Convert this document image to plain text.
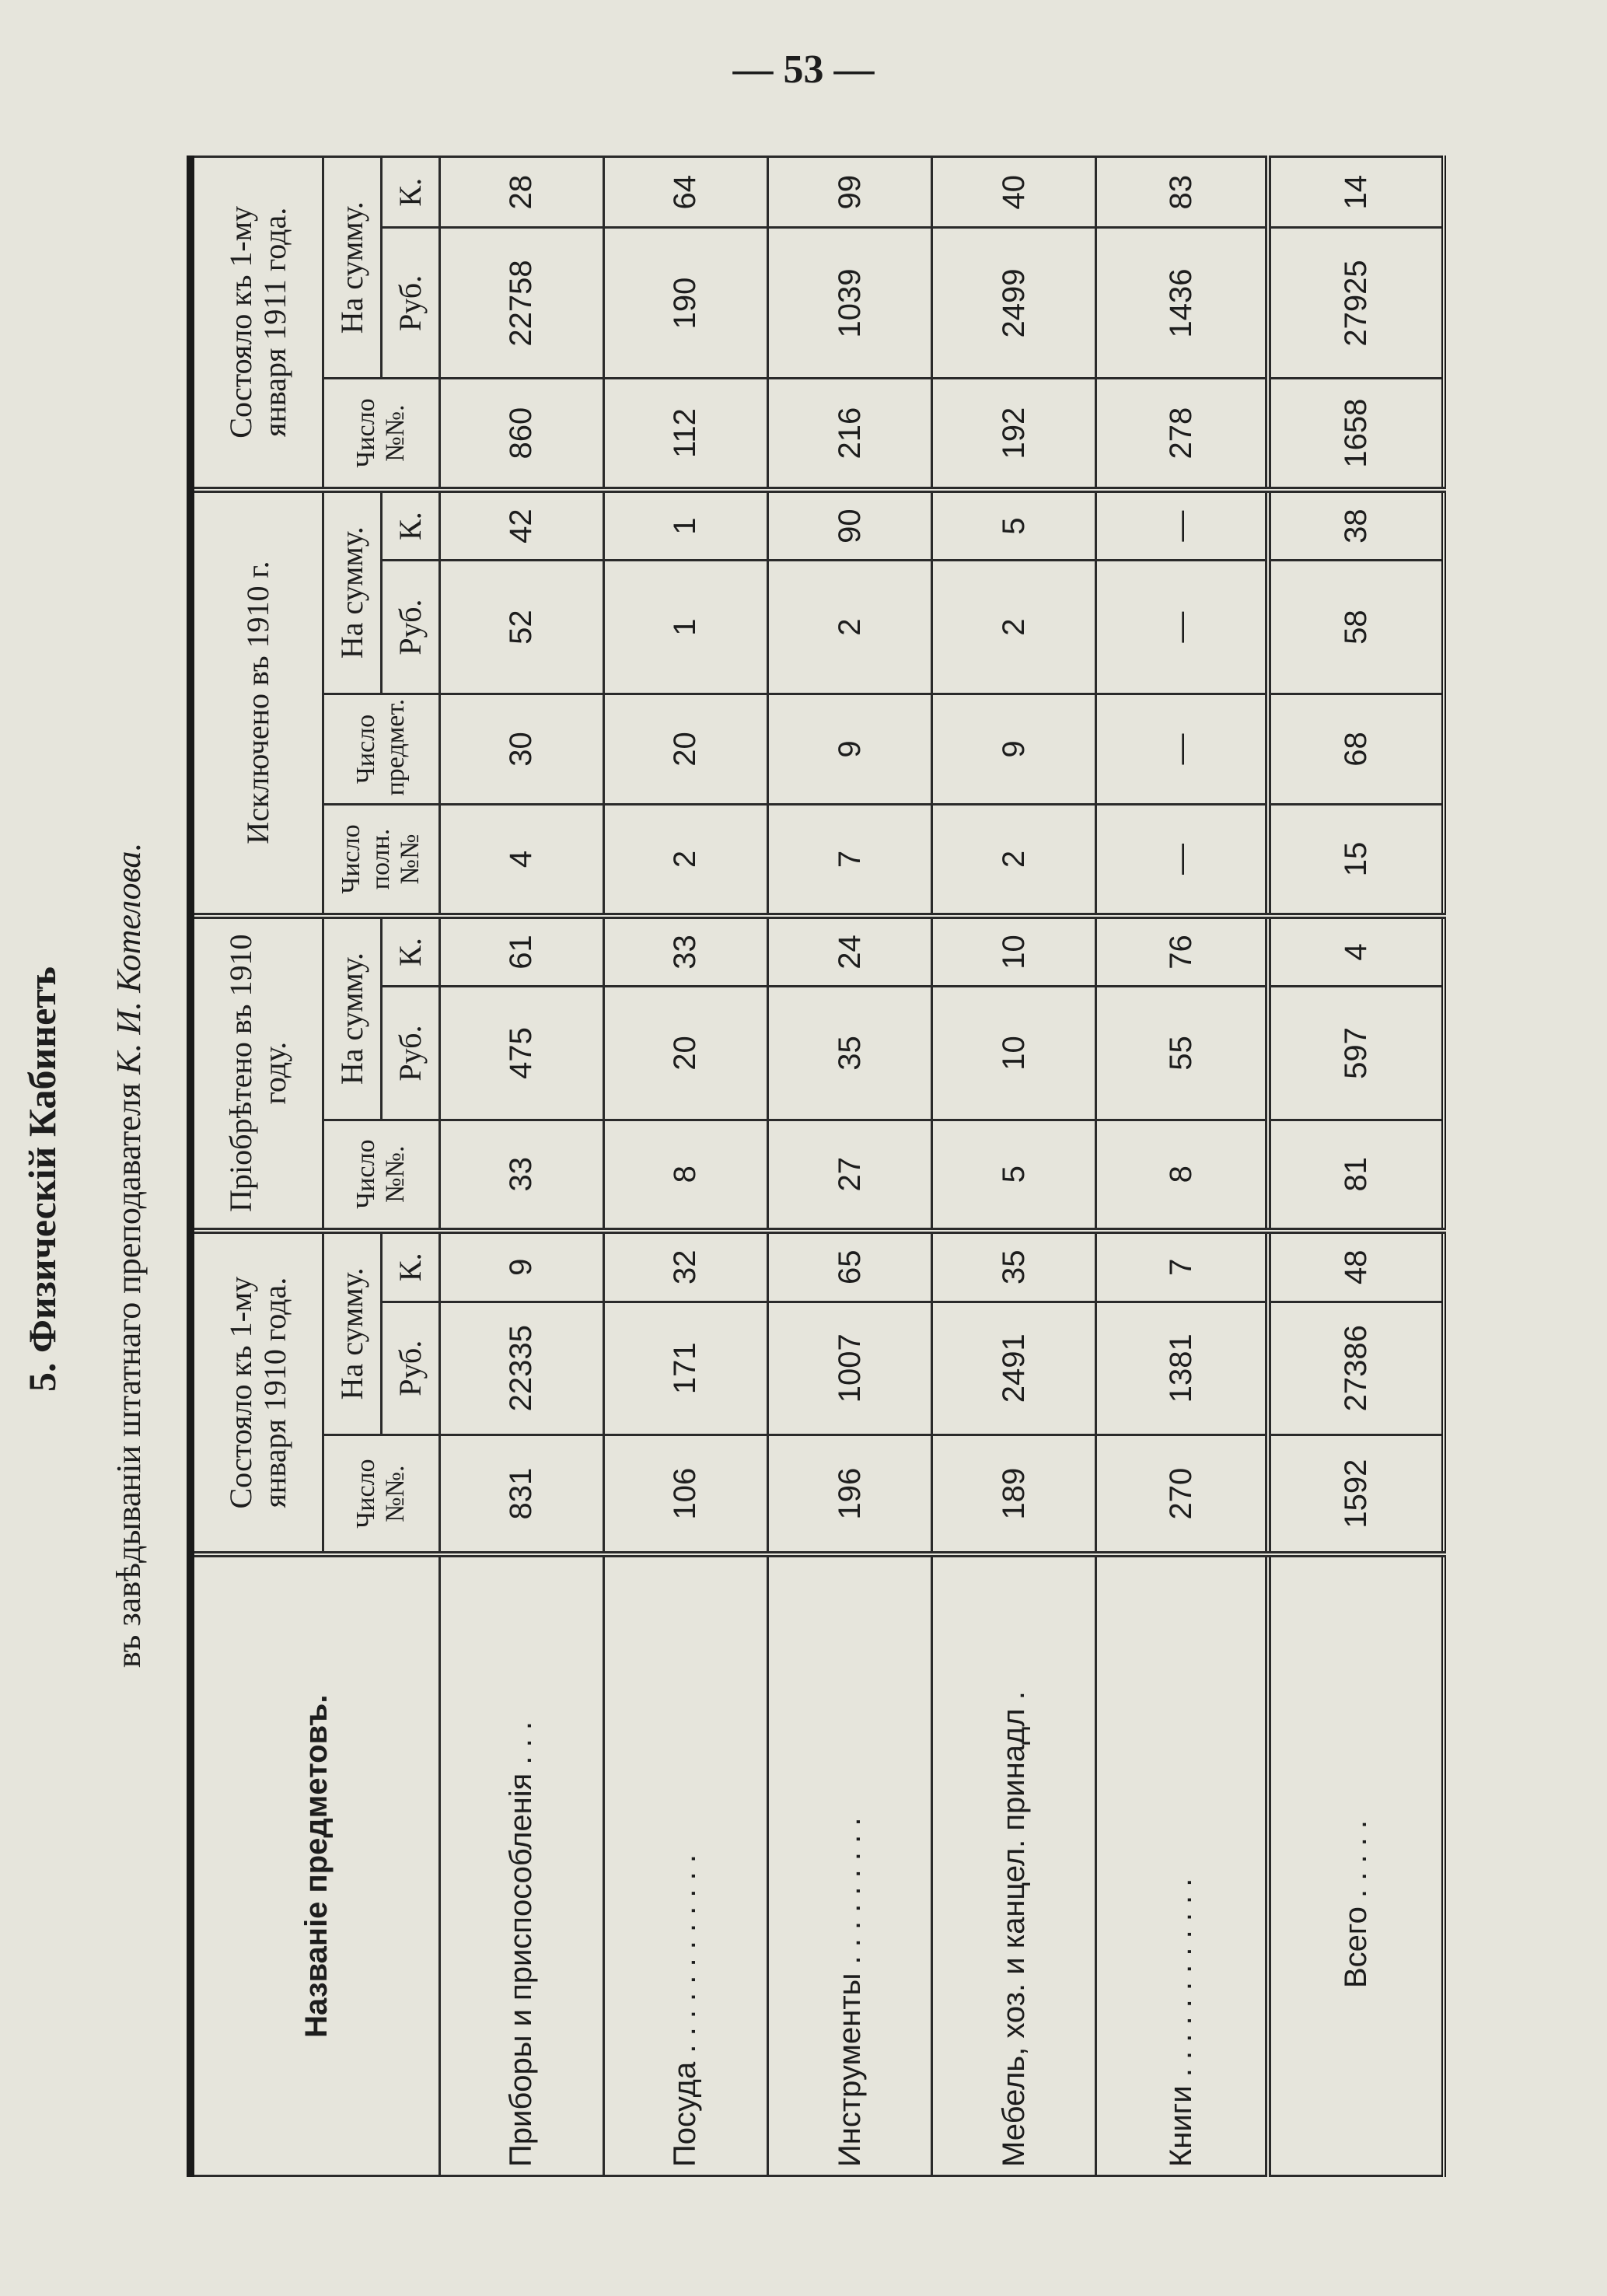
— 53 —
5. Физическій Кабинетъ въ завѣдываніи штатнаго преподавателя К. И. Котелова.
Названіе предметовъ.	Состояло къ 1-му января 1910 года.			Пріобрѣтено въ 1910 году.			Исключено въ 1910 г.				Состояло къ 1-му января 1911 года.		
	Число №№.	На сумму.		Число №№.	На сумму.		Число полн. №№	Число предмет.	На сумму.		Число №№.	На сумму.	
		Руб.	К.		Руб.	К.			Руб.	К.		Руб.	К.
Приборы и приспособленія . . .	831	22335	9	33	475	61	4	30	52	42	860	22758	28
Посуда . . . . . . . . . . . .	106	171	32	8	20	33	2	20	1	1	112	190	64
Инструменты . . . . . . . . .	196	1007	65	27	35	24	7	9	2	90	216	1039	99
Мебель, хоз. и канцел. принадл .	189	2491	35	5	10	10	2	9	2	5	192	2499	40
Книги . . . . . . . . . . . .	270	1381	7	8	55	76	—	—	—	—	278	1436	83
Всего . . . . .	1592	27386	48	81	597	4	15	68	58	38	1658	27925	14
